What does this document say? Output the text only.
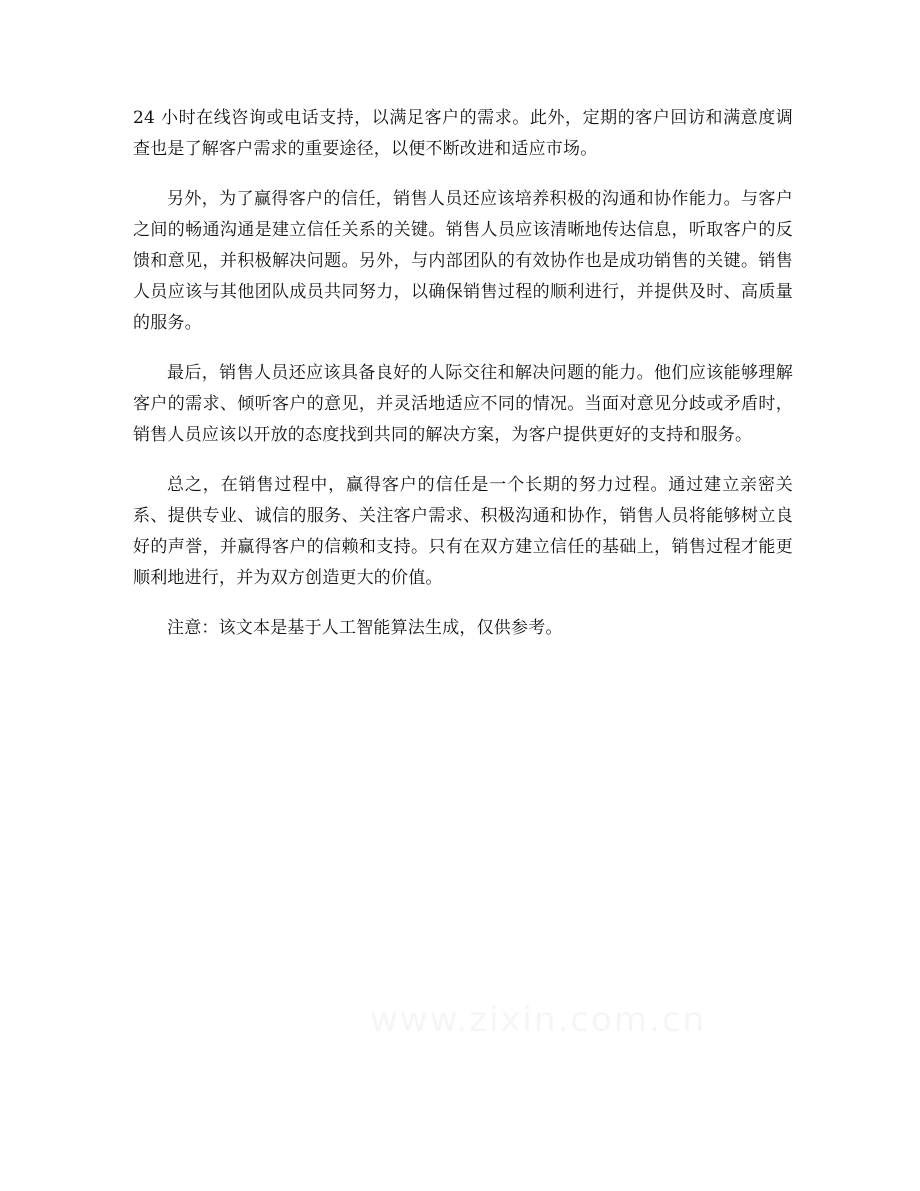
24 小时在线咨询或电话支持，以满足客户的需求。此外，定期的客户回访和满意度调查也是了解客户需求的重要途径，以便不断改进和适应市场。

另外，为了赢得客户的信任，销售人员还应该培养积极的沟通和协作能力。与客户之间的畅通沟通是建立信任关系的关键。销售人员应该清晰地传达信息，听取客户的反馈和意见，并积极解决问题。另外，与内部团队的有效协作也是成功销售的关键。销售人员应该与其他团队成员共同努力，以确保销售过程的顺利进行，并提供及时、高质量的服务。

最后，销售人员还应该具备良好的人际交往和解决问题的能力。他们应该能够理解客户的需求、倾听客户的意见，并灵活地适应不同的情况。当面对意见分歧或矛盾时，销售人员应该以开放的态度找到共同的解决方案，为客户提供更好的支持和服务。

总之，在销售过程中，赢得客户的信任是一个长期的努力过程。通过建立亲密关系、提供专业、诚信的服务、关注客户需求、积极沟通和协作，销售人员将能够树立良好的声誉，并赢得客户的信赖和支持。只有在双方建立信任的基础上，销售过程才能更顺利地进行，并为双方创造更大的价值。

注意：该文本是基于人工智能算法生成，仅供参考。
